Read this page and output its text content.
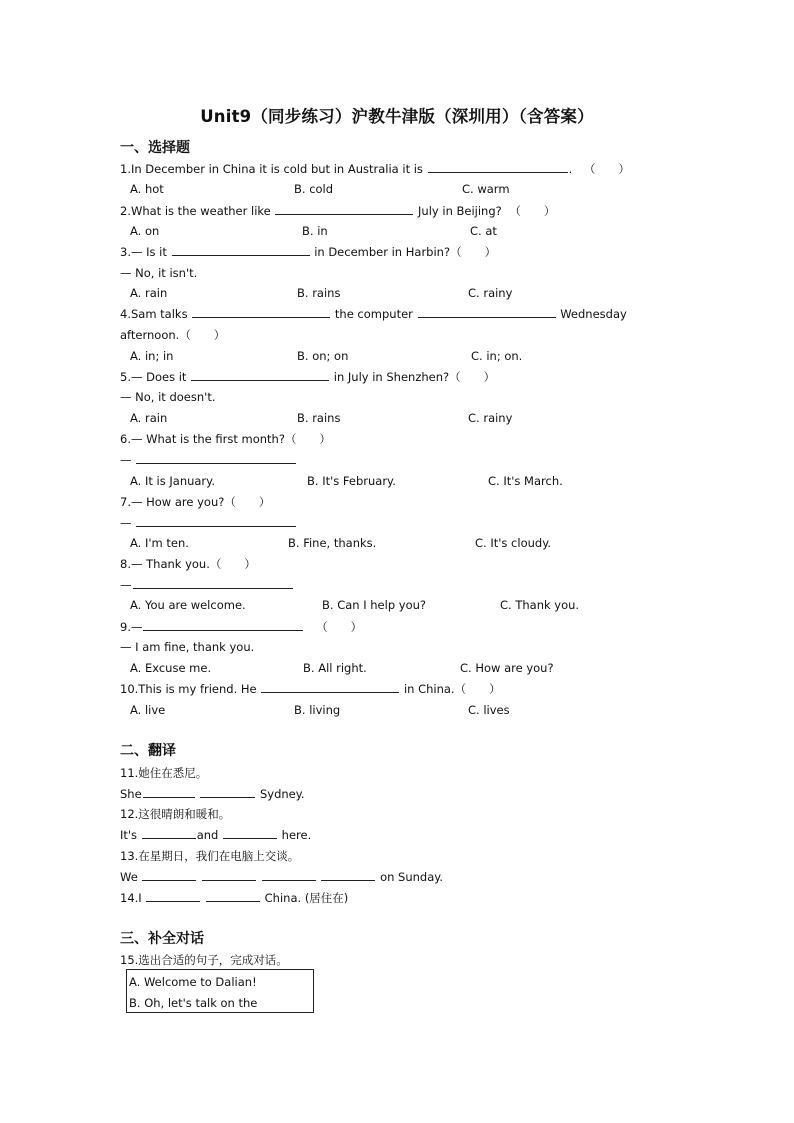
Unit9（同步练习）沪教牛津版（深圳用）（含答案）
一、选择题
1.In December in China it is cold but in Australia it is	. （　　）
A. hot	B. cold	C. warm
2.What is the weather like	July in Beijing? （　　）
A. on	B. in	C. at
3.— Is it	in December in Harbin?（　　）
— No, it isn't.
A. rain	B. rains	C. rainy
4.Sam talks	the computer	Wednesday
afternoon.（　　）
A. in; in	B. on; on	C. in; on.
5.— Does it	in July in Shenzhen?（　　）
— No, it doesn't.
A. rain	B. rains	C. rainy
6.— What is the first month?（　　）
—
A. It is January.	B. It's February.	C. It's March.
7.— How are you?（　　）
—
A. I'm ten.	B. Fine, thanks.	C. It's cloudy.
8.— Thank you.（　　）
—
A. You are welcome.	B. Can I help you?	C. Thank you.
9.—	（　　）
— I am fine, thank you.
A. Excuse me.	B. All right.	C. How are you?
10.This is my friend. He	in China.（　　）
A. live	B. living	C. lives
二、翻译
11.她住在悉尼。
She	Sydney.
12.这很晴朗和暖和。
It's	and	here.
13.在星期日，我们在电脑上交谈。
We	on Sunday.
14.I	China. (居住在)
三、补全对话
15.选出合适的句子，完成对话。
A. Welcome to Dalian!
B. Oh, let's talk on the
